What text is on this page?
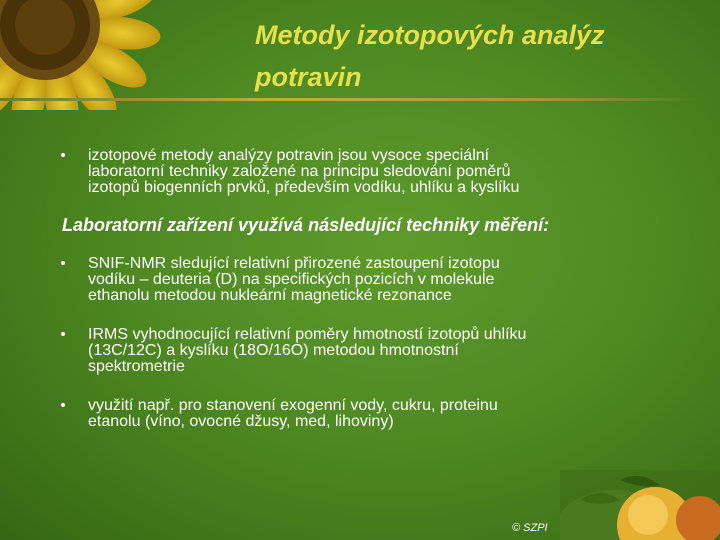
Metody izotopových analýz
potravin
izotopové metody analýzy potravin jsou vysoce speciální
laboratorní techniky založené na principu sledování poměrů
izotopů biogenních prvků, především vodíku, uhlíku a kyslíku
Laboratorní zařízení využívá následující techniky měření:
SNIF-NMR sledující relativní přirozené zastoupení izotopu
vodíku – deuteria (D) na specifických pozicích v molekule
ethanolu metodou nukleární magnetické rezonance
IRMS vyhodnocující relativní poměry hmotností izotopů uhlíku
(13C/12C) a kyslíku (18O/16O) metodou hmotnostní
spektrometrie
využití např. pro stanovení exogenní vody, cukru, proteinu
etanolu (víno, ovocné džusy, med, lihoviny)
© SZPI
